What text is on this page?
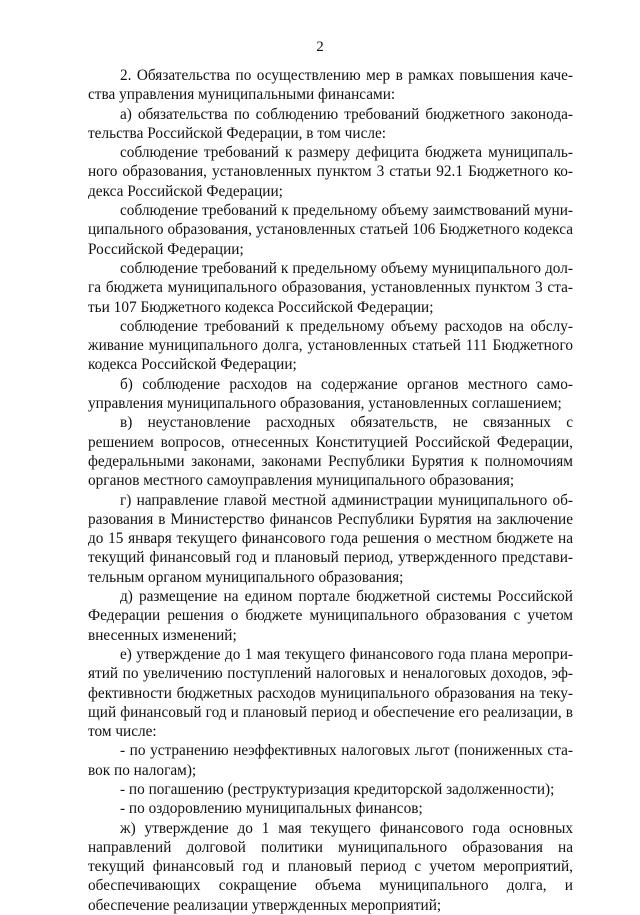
2

2. Обязательства по осуществлению мер в рамках повышения качества управления муниципальными финансами:

а) обязательства по соблюдению требований бюджетного законодательства Российской Федерации, в том числе:

соблюдение требований к размеру дефицита бюджета муниципального образования, установленных пунктом 3 статьи 92.1 Бюджетного кодекса Российской Федерации;

соблюдение требований к предельному объему заимствований муниципального образования, установленных статьей 106 Бюджетного кодекса Российской Федерации;

соблюдение требований к предельному объему муниципального долга бюджета муниципального образования, установленных пунктом 3 статьи 107 Бюджетного кодекса Российской Федерации;

соблюдение требований к предельному объему расходов на обслуживание муниципального долга, установленных статьей 111 Бюджетного кодекса Российской Федерации;

б) соблюдение расходов на содержание органов местного самоуправления муниципального образования, установленных соглашением;

в) неустановление расходных обязательств, не связанных с решением вопросов, отнесенных Конституцией Российской Федерации, федеральными законами, законами Республики Бурятия к полномочиям органов местного самоуправления муниципального образования;

г) направление главой местной администрации муниципального образования в Министерство финансов Республики Бурятия на заключение до 15 января текущего финансового года решения о местном бюджете на текущий финансовый год и плановый период, утвержденного представительным органом муниципального образования;

д) размещение на едином портале бюджетной системы Российской Федерации решения о бюджете муниципального образования с учетом внесенных изменений;

е) утверждение до 1 мая текущего финансового года плана мероприятий по увеличению поступлений налоговых и неналоговых доходов, эффективности бюджетных расходов муниципального образования на текущий финансовый год и плановый период и обеспечение его реализации, в том числе:

- по устранению неэффективных налоговых льгот (пониженных ставок по налогам);

- по погашению (реструктуризация кредиторской задолженности);

- по оздоровлению муниципальных финансов;

ж) утверждение до 1 мая текущего финансового года основных направлений долговой политики муниципального образования на текущий финансовый год и плановый период с учетом мероприятий, обеспечивающих сокращение объема муниципального долга, и обеспечение реализации утвержденных мероприятий;
